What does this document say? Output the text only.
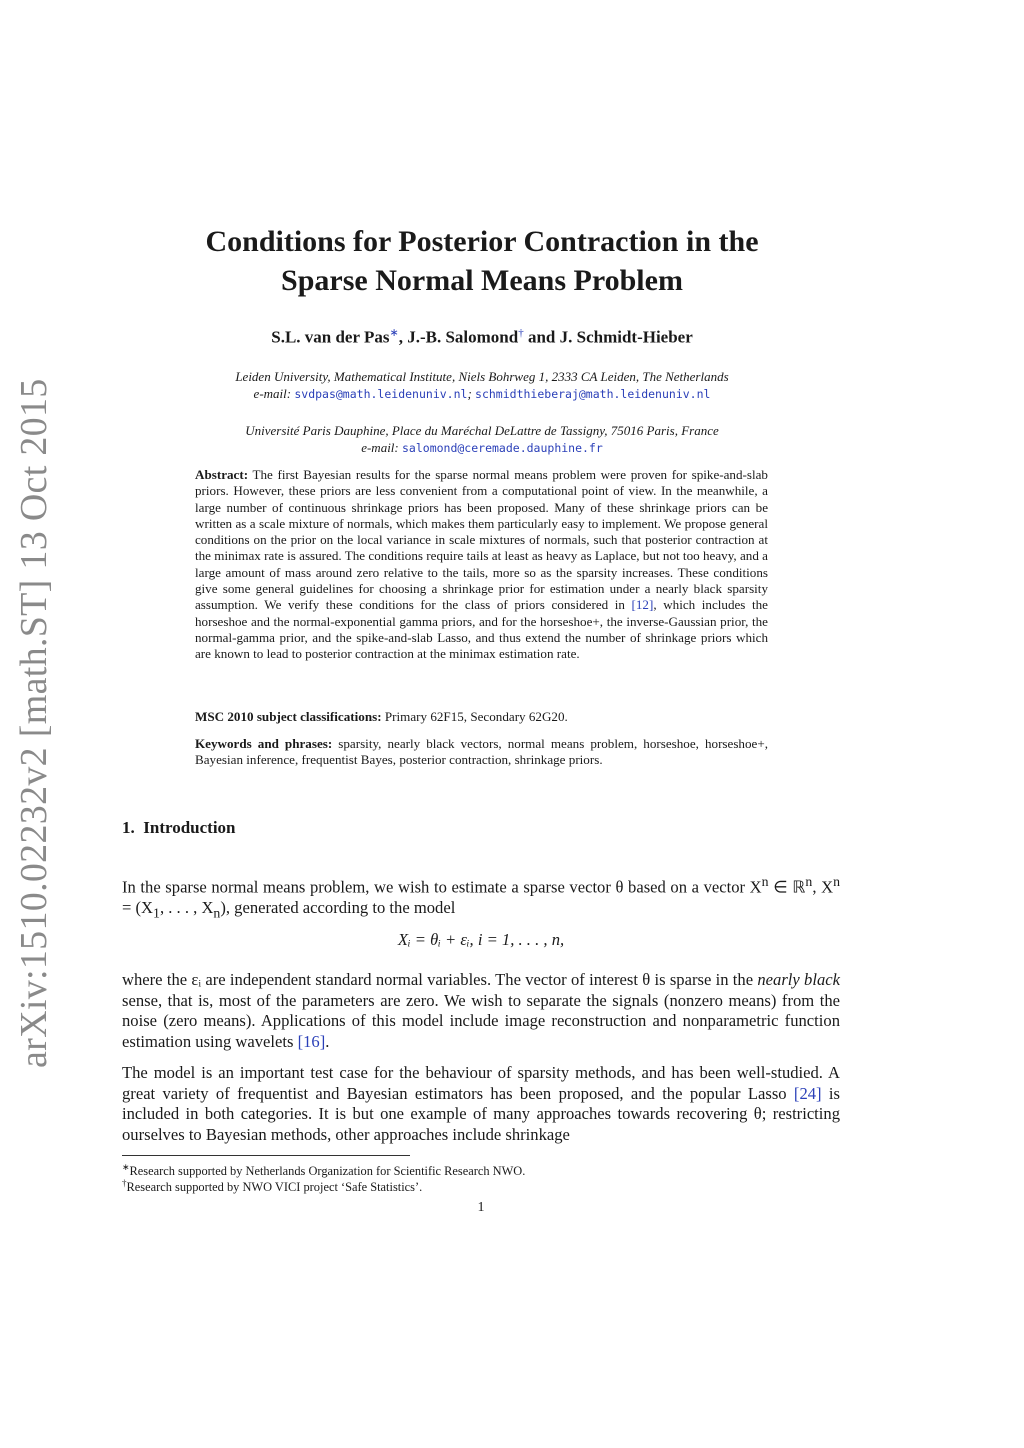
arXiv:1510.02232v2 [math.ST] 13 Oct 2015
Conditions for Posterior Contraction in the
Sparse Normal Means Problem
S.L. van der Pas∗, J.-B. Salomond† and J. Schmidt-Hieber
Leiden University, Mathematical Institute, Niels Bohrweg 1, 2333 CA Leiden, The Netherlands
e-mail: svdpas@math.leidenuniv.nl; schmidthieberaj@math.leidenuniv.nl
Université Paris Dauphine, Place du Maréchal DeLattre de Tassigny, 75016 Paris, France
e-mail: salomond@ceremade.dauphine.fr
Abstract: The first Bayesian results for the sparse normal means problem were proven for spike-and-slab priors. However, these priors are less convenient from a computational point of view. In the meanwhile, a large number of continuous shrinkage priors has been proposed. Many of these shrinkage priors can be written as a scale mixture of normals, which makes them particularly easy to implement. We propose general conditions on the prior on the local variance in scale mixtures of normals, such that posterior contraction at the minimax rate is assured. The conditions require tails at least as heavy as Laplace, but not too heavy, and a large amount of mass around zero relative to the tails, more so as the sparsity increases. These conditions give some general guidelines for choosing a shrinkage prior for estimation under a nearly black sparsity assumption. We verify these conditions for the class of priors considered in [12], which includes the horseshoe and the normal-exponential gamma priors, and for the horseshoe+, the inverse-Gaussian prior, the normal-gamma prior, and the spike-and-slab Lasso, and thus extend the number of shrinkage priors which are known to lead to posterior contraction at the minimax estimation rate.
MSC 2010 subject classifications: Primary 62F15, Secondary 62G20.
Keywords and phrases: sparsity, nearly black vectors, normal means problem, horseshoe, horseshoe+, Bayesian inference, frequentist Bayes, posterior contraction, shrinkage priors.
1. Introduction
In the sparse normal means problem, we wish to estimate a sparse vector θ based on a vector $X^n$ ∈ ℝ$^n$, $X^n = (X_1$, . . . , $X_n$), generated according to the model
Xᵢ = θᵢ + εᵢ, i = 1, . . . , n,
where the εᵢ are independent standard normal variables. The vector of interest θ is sparse in the nearly black sense, that is, most of the parameters are zero. We wish to separate the signals (nonzero means) from the noise (zero means). Applications of this model include image reconstruction and nonparametric function estimation using wavelets [16].
The model is an important test case for the behaviour of sparsity methods, and has been well-studied. A great variety of frequentist and Bayesian estimators has been proposed, and the popular Lasso [24] is included in both categories. It is but one example of many approaches towards recovering θ; restricting ourselves to Bayesian methods, other approaches include shrinkage
∗Research supported by Netherlands Organization for Scientific Research NWO.
†Research supported by NWO VICI project ‘Safe Statistics’.
1
